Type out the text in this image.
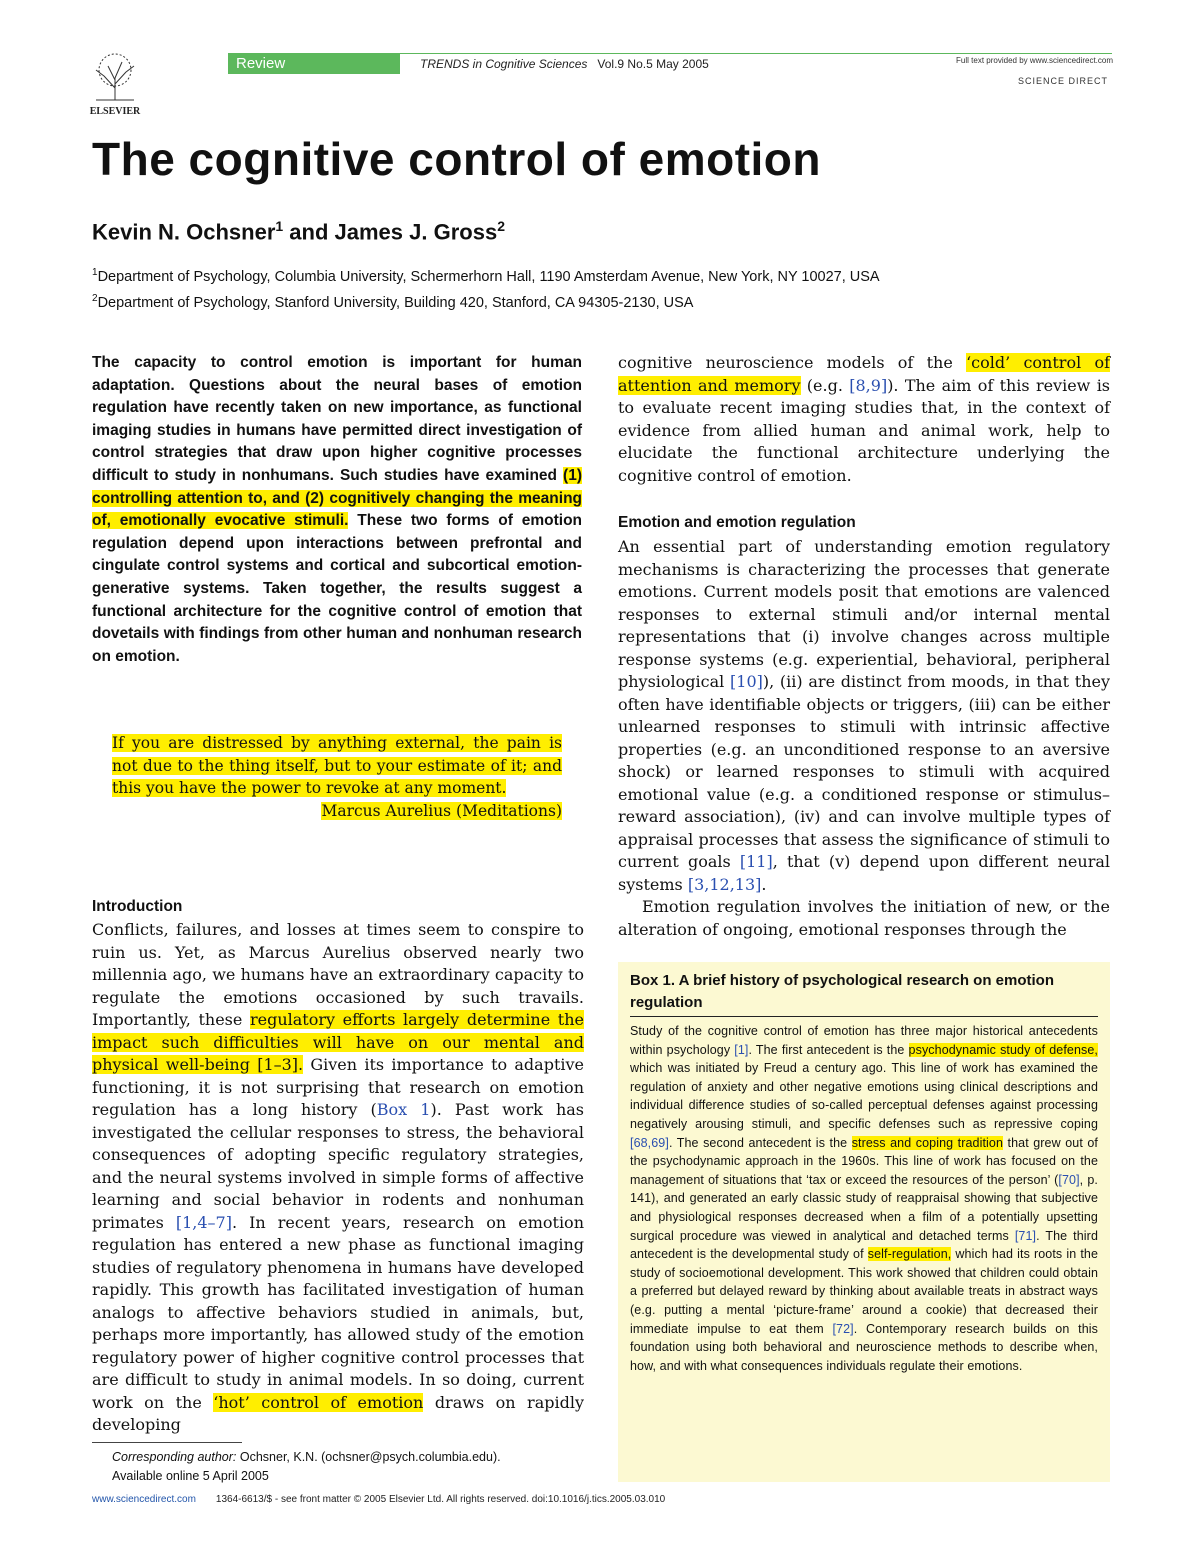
ELSEVIER
Review	TRENDS in Cognitive Sciences Vol.9 No.5 May 2005	Full text provided by www.sciencedirect.com
SCIENCE DIRECT
The cognitive control of emotion
Kevin N. Ochsner$^1$ and James J. Gross$^2$
$^1$Department of Psychology, Columbia University, Schermerhorn Hall, 1190 Amsterdam Avenue, New York, NY 10027, USA
$^2$Department of Psychology, Stanford University, Building 420, Stanford, CA 94305-2130, USA
The capacity to control emotion is important for human adaptation. Questions about the neural bases of emotion regulation have recently taken on new importance, as functional imaging studies in humans have permitted direct investigation of control strategies that draw upon higher cognitive processes difficult to study in nonhumans. Such studies have examined (1) controlling attention to, and (2) cognitively changing the meaning of, emotionally evocative stimuli. These two forms of emotion regulation depend upon interactions between prefrontal and cingulate control systems and cortical and subcortical emotion-generative systems. Taken together, the results suggest a functional architecture for the cognitive control of emotion that dovetails with findings from other human and nonhuman research on emotion.
If you are distressed by anything external, the pain is not due to the thing itself, but to your estimate of it; and this you have the power to revoke at any moment.
Marcus Aurelius (Meditations)
Introduction
Conflicts, failures, and losses at times seem to conspire to ruin us. Yet, as Marcus Aurelius observed nearly two millennia ago, we humans have an extraordinary capacity to regulate the emotions occasioned by such travails. Importantly, these regulatory efforts largely determine the impact such difficulties will have on our mental and physical well-being [1–3]. Given its importance to adaptive functioning, it is not surprising that research on emotion regulation has a long history (Box 1). Past work has investigated the cellular responses to stress, the behavioral consequences of adopting specific regulatory strategies, and the neural systems involved in simple forms of affective learning and social behavior in rodents and nonhuman primates [1,4–7]. In recent years, research on emotion regulation has entered a new phase as functional imaging studies of regulatory phenomena in humans have developed rapidly. This growth has facilitated investigation of human analogs to affective behaviors studied in animals, but, perhaps more importantly, has allowed study of the emotion regulatory power of higher cognitive control processes that are difficult to study in animal models. In so doing, current work on the ‘hot’ control of emotion draws on rapidly developing
Corresponding author: Ochsner, K.N. (ochsner@psych.columbia.edu).
Available online 5 April 2005
www.sciencedirect.com 1364-6613/$ - see front matter © 2005 Elsevier Ltd. All rights reserved. doi:10.1016/j.tics.2005.03.010
cognitive neuroscience models of the ‘cold’ control of attention and memory (e.g. [8,9]). The aim of this review is to evaluate recent imaging studies that, in the context of evidence from allied human and animal work, help to elucidate the functional architecture underlying the cognitive control of emotion.
Emotion and emotion regulation
An essential part of understanding emotion regulatory mechanisms is characterizing the processes that generate emotions. Current models posit that emotions are valenced responses to external stimuli and/or internal mental representations that (i) involve changes across multiple response systems (e.g. experiential, behavioral, peripheral physiological [10]), (ii) are distinct from moods, in that they often have identifiable objects or triggers, (iii) can be either unlearned responses to stimuli with intrinsic affective properties (e.g. an unconditioned response to an aversive shock) or learned responses to stimuli with acquired emotional value (e.g. a conditioned response or stimulus–reward association), (iv) and can involve multiple types of appraisal processes that assess the significance of stimuli to current goals [11], that (v) depend upon different neural systems [3,12,13].
Emotion regulation involves the initiation of new, or the alteration of ongoing, emotional responses through the
Box 1. A brief history of psychological research on emotion regulation
Study of the cognitive control of emotion has three major historical antecedents within psychology [1]. The first antecedent is the psychodynamic study of defense, which was initiated by Freud a century ago. This line of work has examined the regulation of anxiety and other negative emotions using clinical descriptions and individual difference studies of so-called perceptual defenses against processing negatively arousing stimuli, and specific defenses such as repressive coping [68,69]. The second antecedent is the stress and coping tradition that grew out of the psychodynamic approach in the 1960s. This line of work has focused on the management of situations that ‘tax or exceed the resources of the person’ ([70], p. 141), and generated an early classic study of reappraisal showing that subjective and physiological responses decreased when a film of a potentially upsetting surgical procedure was viewed in analytical and detached terms [71]. The third antecedent is the developmental study of self-regulation, which had its roots in the study of socioemotional development. This work showed that children could obtain a preferred but delayed reward by thinking about available treats in abstract ways (e.g. putting a mental ‘picture-frame’ around a cookie) that decreased their immediate impulse to eat them [72]. Contemporary research builds on this foundation using both behavioral and neuroscience methods to describe when, how, and with what consequences individuals regulate their emotions.
